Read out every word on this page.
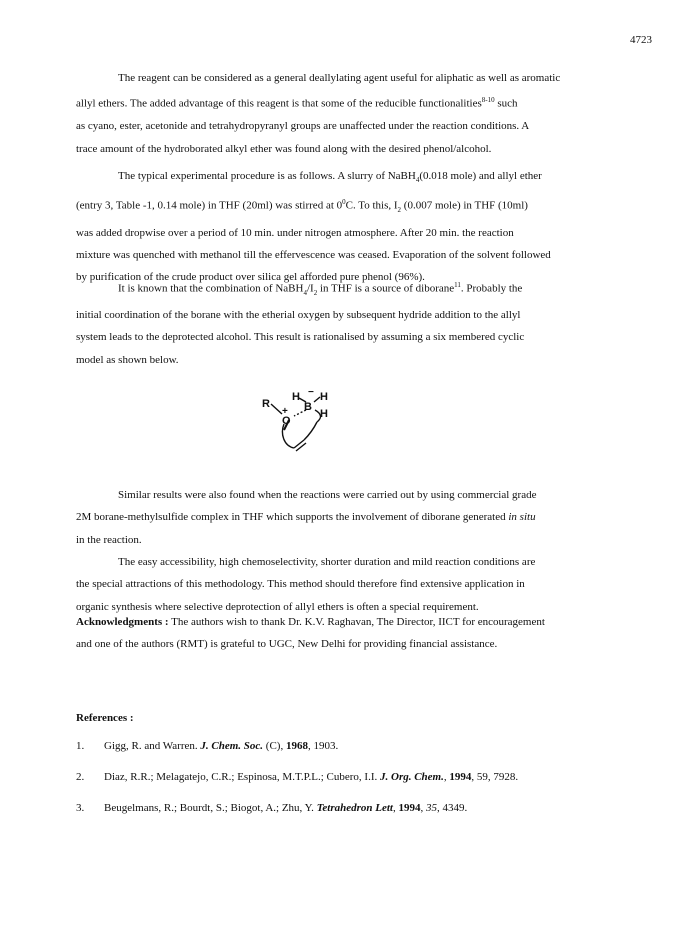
4723
The reagent can be considered as a general deallylating agent useful for aliphatic as well as aromatic
allyl ethers. The added advantage of this reagent is that some of the reducible functionalities$^{8-10}$ such
as cyano, ester, acetonide and tetrahydropyranyl groups are unaffected under the reaction conditions. A
trace amount of the hydroborated alkyl ether was found along with the desired phenol/alcohol.
The typical experimental procedure is as follows. A slurry of NaBH$_4$(0.018 mole) and allyl ether
(entry 3, Table -1, 0.14 mole) in THF (20ml) was stirred at $0^0C$. To this, $I_2$ (0.007 mole) in THF (10ml)
was added dropwise over a period of 10 min. under nitrogen atmosphere. After 20 min. the reaction
mixture was quenched with methanol till the effervescence was ceased. Evaporation of the solvent followed
by purification of the crude product over silica gel afforded pure phenol (96%).
It is known that the combination of $NaBH_4/I_2$ in THF is a source of diborane$^{11}$. Probably the
initial coordination of the borane with the etherial oxygen by subsequent hydride addition to the allyl
system leads to the deprotected alcohol. This result is rationalised by assuming a six membered cyclic
model as shown below.
R
H H
−
B
H
+
O
Similar results were also found when the reactions were carried out by using commercial grade
2M borane-methylsulfide complex in THF which supports the involvement of diborane generated in situ
in the reaction.
The easy accessibility, high chemoselectivity, shorter duration and mild reaction conditions are
the special attractions of this methodology. This method should therefore find extensive application in
organic synthesis where selective deprotection of allyl ethers is often a special requirement.
Acknowledgments : The authors wish to thank Dr. K.V. Raghavan, The Director, IICT for encouragement
and one of the authors (RMT) is grateful to UGC, New Delhi for providing financial assistance.
References :
1. Gigg, R. and Warren. J. Chem. Soc. (C), 1968, 1903.
2. Diaz, R.R.; Melagatejo, C.R.; Espinosa, M.T.P.L.; Cubero, I.I. J. Org. Chem., 1994, 59, 7928.
3. Beugelmans, R.; Bourdt, S.; Biogot, A.; Zhu, Y. Tetrahedron Lett, 1994, 35, 4349.
